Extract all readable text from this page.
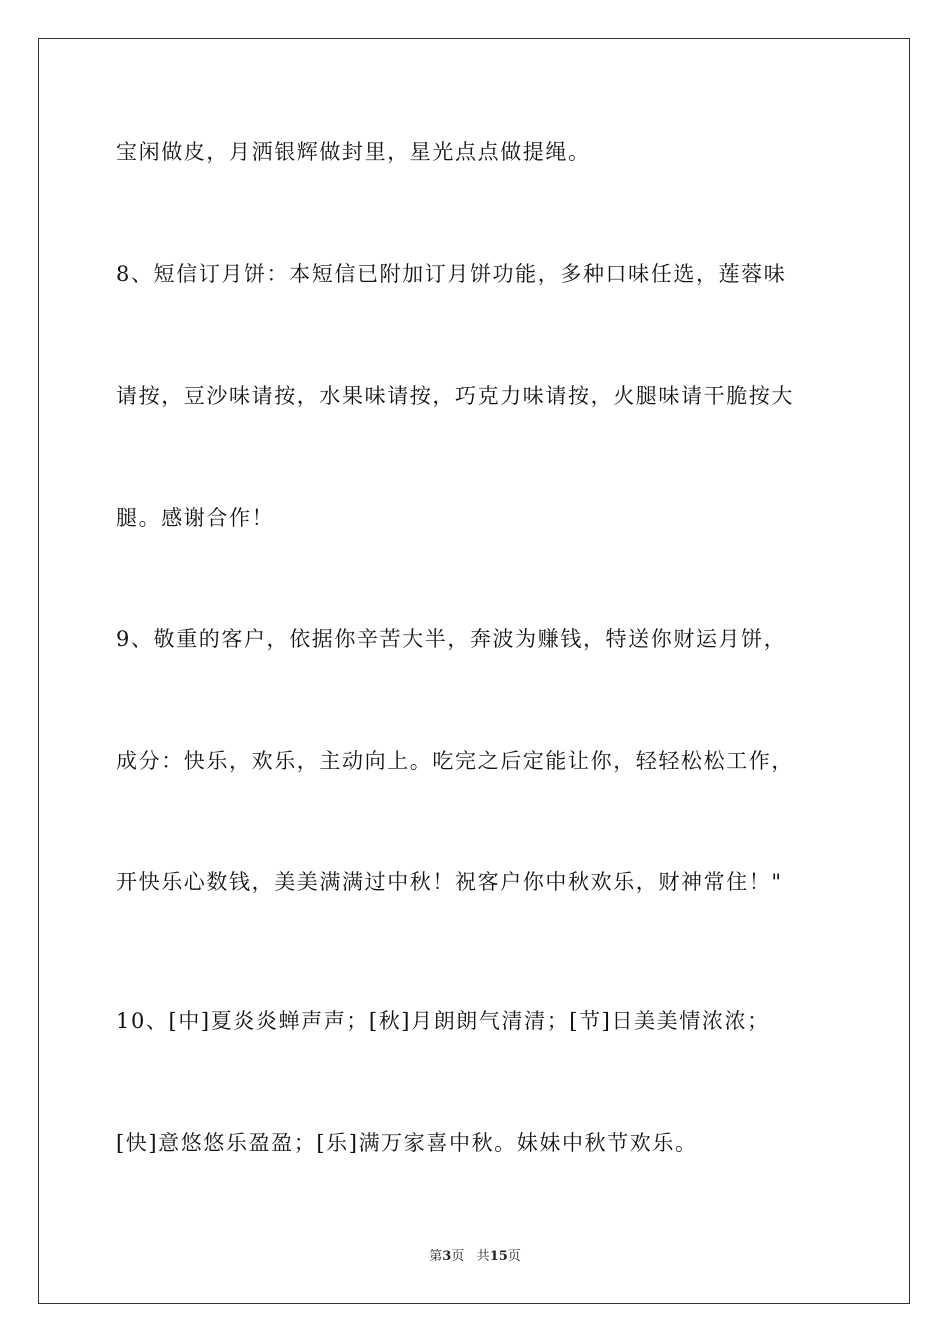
宝闲做皮，月洒银辉做封里，星光点点做提绳。
8、短信订月饼：本短信已附加订月饼功能，多种口味任选，莲蓉味
请按，豆沙味请按，水果味请按，巧克力味请按，火腿味请干脆按大
腿。感谢合作！
9、敬重的客户，依据你辛苦大半，奔波为赚钱，特送你财运月饼，
成分：快乐，欢乐，主动向上。吃完之后定能让你，轻轻松松工作，
开快乐心数钱，美美满满过中秋！祝客户你中秋欢乐，财神常住！"
10、[中]夏炎炎蝉声声；[秋]月朗朗气清清；[节]日美美情浓浓；
[快]意悠悠乐盈盈；[乐]满万家喜中秋。妹妹中秋节欢乐。
第3页 共15页
